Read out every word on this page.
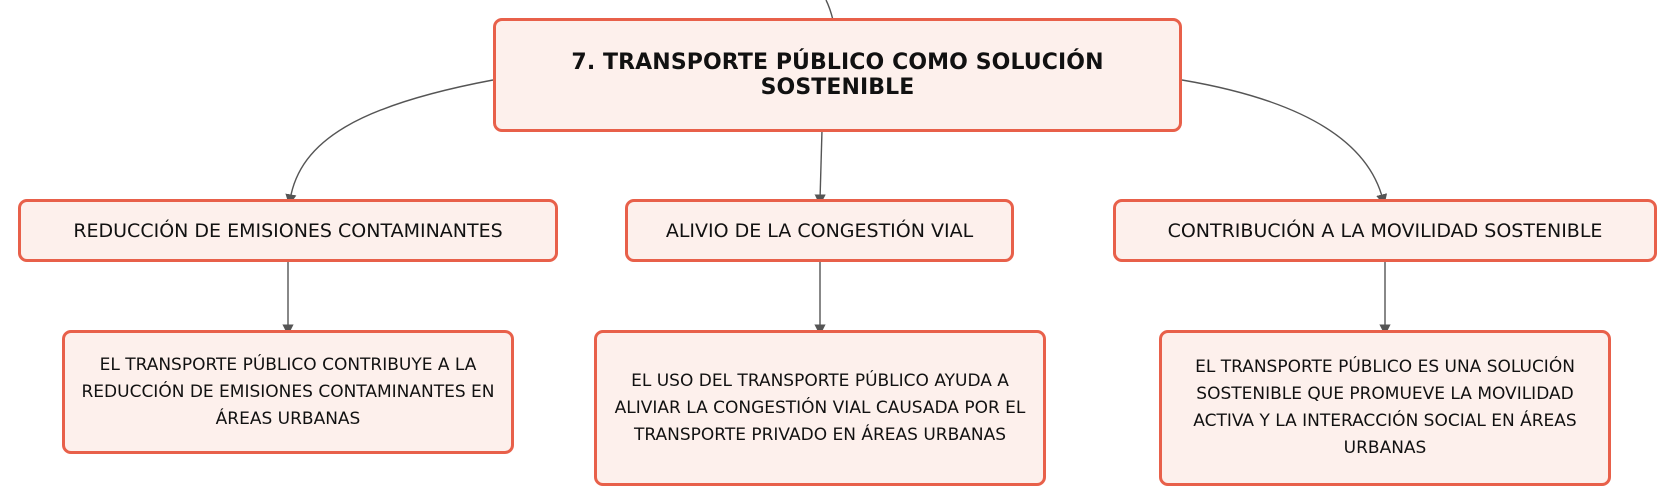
7. TRANSPORTE PÚBLICO COMO SOLUCIÓN SOSTENIBLE
REDUCCIÓN DE EMISIONES CONTAMINANTES	ALIVIO DE LA CONGESTIÓN VIAL	CONTRIBUCIÓN A LA MOVILIDAD SOSTENIBLE
EL TRANSPORTE PÚBLICO CONTRIBUYE A LA REDUCCIÓN DE EMISIONES CONTAMINANTES EN ÁREAS URBANAS
EL USO DEL TRANSPORTE PÚBLICO AYUDA A ALIVIAR LA CONGESTIÓN VIAL CAUSADA POR EL TRANSPORTE PRIVADO EN ÁREAS URBANAS
EL TRANSPORTE PÚBLICO ES UNA SOLUCIÓN SOSTENIBLE QUE PROMUEVE LA MOVILIDAD ACTIVA Y LA INTERACCIÓN SOCIAL EN ÁREAS URBANAS
